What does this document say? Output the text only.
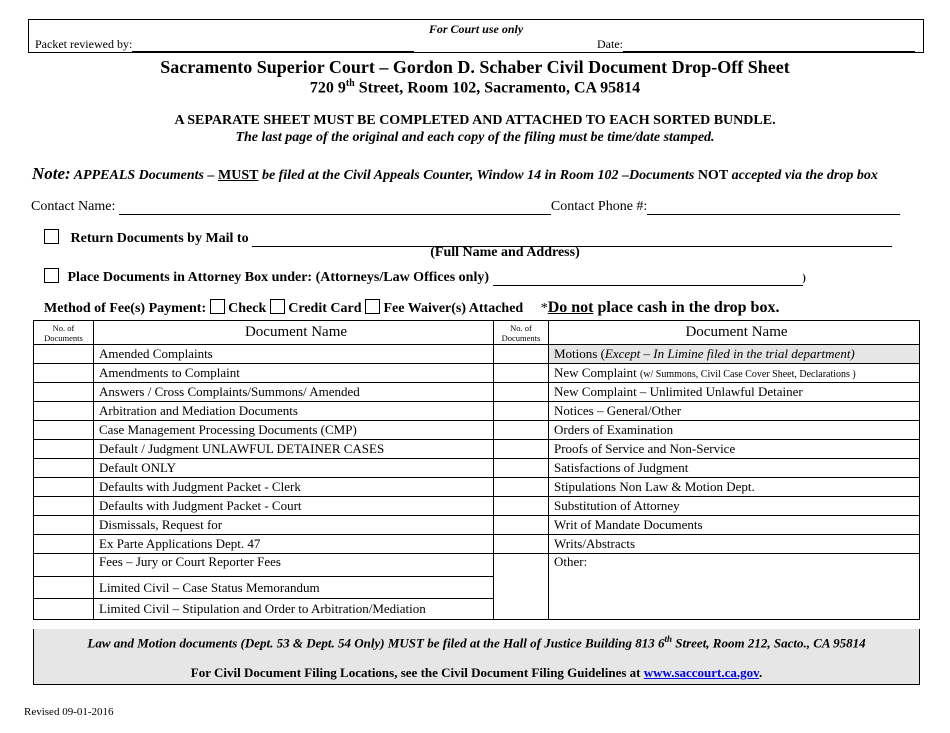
For Court use only
Packet reviewed by:	Date:
Sacramento Superior Court – Gordon D. Schaber Civil Document Drop-Off Sheet
720 9th Street, Room 102, Sacramento, CA 95814
A SEPARATE SHEET MUST BE COMPLETED AND ATTACHED TO EACH SORTED BUNDLE.
The last page of the original and each copy of the filing must be time/date stamped.
Note: APPEALS Documents – MUST be filed at the Civil Appeals Counter, Window 14 in Room 102 –Documents NOT accepted via the drop box
Contact Name:	Contact Phone #:
Return Documents by Mail to
(Full Name and Address)
Place Documents in Attorney Box under: (Attorneys/Law Offices only)	)
Method of Fee(s) Payment:  Check  Credit Card  Fee Waiver(s) Attached *Do not place cash in the drop box.
No. of Documents	Document Name	No. of Documents	Document Name
	Amended Complaints		Motions (Except – In Limine filed in the trial department)
	Amendments to Complaint		New Complaint (w/ Summons, Civil Case Cover Sheet, Declarations )
	Answers / Cross Complaints/Summons/ Amended		New Complaint – Unlimited Unlawful Detainer
	Arbitration and Mediation Documents		Notices – General/Other
	Case Management Processing Documents (CMP)		Orders of Examination
	Default / Judgment UNLAWFUL DETAINER CASES		Proofs of Service and Non-Service
	Default ONLY		Satisfactions of Judgment
	Defaults with Judgment Packet - Clerk		Stipulations Non Law & Motion Dept.
	Defaults with Judgment Packet - Court		Substitution of Attorney
	Dismissals, Request for		Writ of Mandate Documents
	Ex Parte Applications Dept. 47		Writs/Abstracts
	Fees – Jury or Court Reporter Fees		Other:
	Limited Civil – Case Status Memorandum		
	Limited Civil – Stipulation and Order to Arbitration/Mediation		
Law and Motion documents (Dept. 53 & Dept. 54 Only) MUST be filed at the Hall of Justice Building 813 6th Street, Room 212, Sacto., CA 95814
For Civil Document Filing Locations, see the Civil Document Filing Guidelines at www.saccourt.ca.gov.
Revised 09-01-2016
